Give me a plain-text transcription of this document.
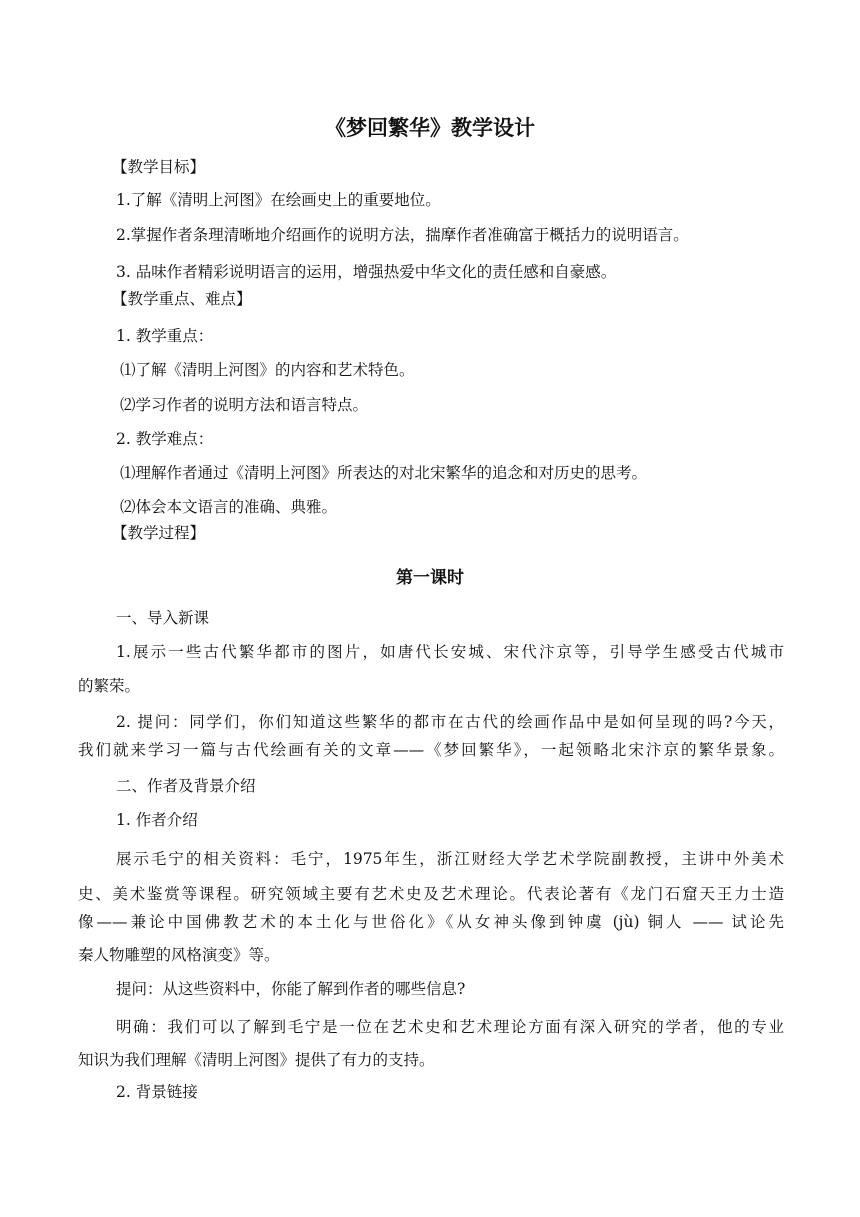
《梦回繁华》教学设计
【教学目标】
1.了解《清明上河图》在绘画史上的重要地位。
2.掌握作者条理清晰地介绍画作的说明方法，揣摩作者准确富于概括力的说明语言。
3. 品味作者精彩说明语言的运用，增强热爱中华文化的责任感和自豪感。
【教学重点、难点】
1. 教学重点：
⑴了解《清明上河图》的内容和艺术特色。
⑵学习作者的说明方法和语言特点。
2. 教学难点：
⑴理解作者通过《清明上河图》所表达的对北宋繁华的追念和对历史的思考。
⑵体会本文语言的准确、典雅。
【教学过程】
第一课时
一、导入新课
1.展示一些古代繁华都市的图片，如唐代长安城、宋代汴京等，引导学生感受古代城市
的繁荣。
2. 提问：同学们，你们知道这些繁华的都市在古代的绘画作品中是如何呈现的吗?今天，
我们就来学习一篇与古代绘画有关的文章——《梦回繁华》，一起领略北宋汴京的繁华景象。
二、作者及背景介绍
1. 作者介绍
展示毛宁的相关资料：毛宁，1975年生，浙江财经大学艺术学院副教授，主讲中外美术
史、美术鉴赏等课程。研究领域主要有艺术史及艺术理论。代表论著有《龙门石窟天王力士造
像——兼论中国佛教艺术的本土化与世俗化》《从女神头像到钟虞 (jù) 铜人 —— 试论先
秦人物雕塑的风格演变》等。
提问：从这些资料中，你能了解到作者的哪些信息?
明确：我们可以了解到毛宁是一位在艺术史和艺术理论方面有深入研究的学者，他的专业
知识为我们理解《清明上河图》提供了有力的支持。
2. 背景链接
